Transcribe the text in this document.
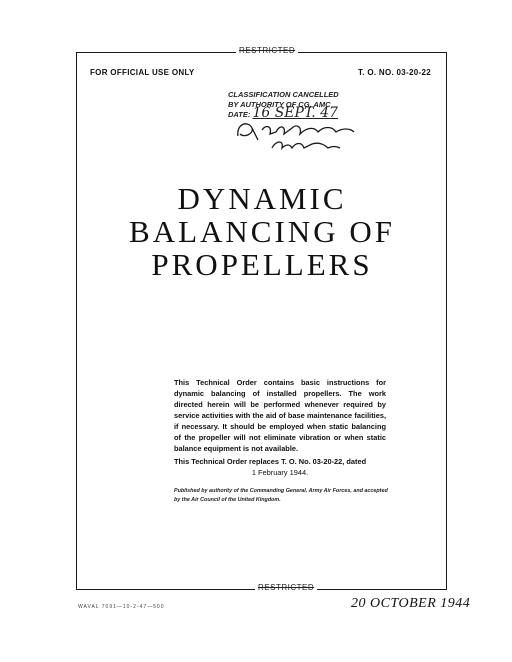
RESTRICTED
FOR OFFICIAL USE ONLY	T. O. NO. 03-20-22
CLASSIFICATION CANCELLED
BY AUTHORITY OF CG, AMC
DATE: 16 SEPT. 47
DYNAMIC
BALANCING OF
PROPELLERS

This Technical Order contains basic instructions for dynamic balancing of installed propellers. The work directed herein will be performed whenever required by service activities with the aid of base maintenance facilities, if necessary. It should be employed when static balancing of the propeller will not eliminate vibration or when static balance equipment is not available.

This Technical Order replaces T. O. No. 03-20-22, dated
1 February 1944.
Published by authority of the Commanding General, Army Air Forces, and accepted by the Air Council of the United Kingdom.
RESTRICTED
WAVAL 7091—10-2-47—500	20 OCTOBER 1944
